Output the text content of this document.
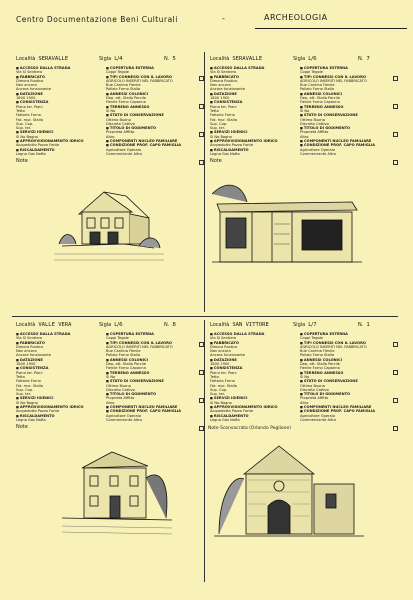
Centro Documentazione Beni Culturali	-	ARCHEOLOGIA
Località SERAVALLE	Sigla L/4	N. 5
■ ACCESSO DALLA STRADA
Via Si Sentiero
■ FABBRICATO
Dimora Rustico
Non ancora
Ancora funzionante
■ DATAZIONE
1800 1900
■ CONSISTENZA
Piano ter. Piani
Tetto
Fattoria Forno
Fat. mur. Stalla
Sup. Cop.
Sup. ter.
■ SERVIZI IGIENICI
Si No Bagno
■ APPROVVIGIONAMENTO IDRICO
Acquedotto Pozzo Fonte
■ RISCALDAMENTO
Legna Gas Nafta
■ COPERTURA ESTERNA
Coppi Tegole
■ TIPI CONNESSI CON IL LAVORO
AGRICOLO INSERITI NEL FABBRICATO
Bue Cantina Fienile
Pollaio Forno Stalla
■ ANNESSI COLONICI
Dep. att. Stalla Porcile
Fienile Forno Capanna
■ TERRENO ANNESSO
Si No
■ STATO DI CONSERVAZIONE
Ottimo Buono
Discreto Cattivo
■ TITOLO DI GODIMENTO
Proprietà Affitto
Altro
■ COMPONENTI NUCLEO FAMILIARE
■ CONDIZIONE PROF. CAPO FAMIGLIA
Agricoltore Operaio
Commerciante Altro
Note
Località SERAVALLE	Sigla L/6	N. 7
■ ACCESSO DALLA STRADA
Via Si Sentiero
■ FABBRICATO
Dimora Rustico
Non ancora
Ancora funzionante
■ DATAZIONE
1800 1900
■ CONSISTENZA
Piano ter. Piani
Tetto
Fattoria Forno
Fat. mur. Stalla
Sup. Cop.
Sup. ter.
■ SERVIZI IGIENICI
Si No Bagno
■ APPROVVIGIONAMENTO IDRICO
Acquedotto Pozzo Fonte
■ RISCALDAMENTO
Legna Gas Nafta
■ COPERTURA ESTERNA
Coppi Tegole
■ TIPI CONNESSI CON IL LAVORO
AGRICOLO INSERITI NEL FABBRICATO
Bue Cantina Fienile
Pollaio Forno Stalla
■ ANNESSI COLONICI
Dep. att. Stalla Porcile
Fienile Forno Capanna
■ TERRENO ANNESSO
Si No
■ STATO DI CONSERVAZIONE
Ottimo Buono
Discreto Cattivo
■ TITOLO DI GODIMENTO
Proprietà Affitto
Altro
■ COMPONENTI NUCLEO FAMILIARE
■ CONDIZIONE PROF. CAPO FAMIGLIA
Agricoltore Operaio
Commerciante Altro
Note
Località VALLE VERA	Sigla L/6	N. 8
■ ACCESSO DALLA STRADA
Via Si Sentiero
■ FABBRICATO
Dimora Rustico
Non ancora
Ancora funzionante
■ DATAZIONE
1800 1900
■ CONSISTENZA
Piano ter. Piani
Tetto
Fattoria Forno
Fat. mur. Stalla
Sup. Cop.
Sup. ter.
■ SERVIZI IGIENICI
Si No Bagno
■ APPROVVIGIONAMENTO IDRICO
Acquedotto Pozzo Fonte
■ RISCALDAMENTO
Legna Gas Nafta
■ COPERTURA ESTERNA
Coppi Tegole
■ TIPI CONNESSI CON IL LAVORO
AGRICOLO INSERITI NEL FABBRICATO
Bue Cantina Fienile
Pollaio Forno Stalla
■ ANNESSI COLONICI
Dep. att. Stalla Porcile
Fienile Forno Capanna
■ TERRENO ANNESSO
Si No
■ STATO DI CONSERVAZIONE
Ottimo Buono
Discreto Cattivo
■ TITOLO DI GODIMENTO
Proprietà Affitto
Altro
■ COMPONENTI NUCLEO FAMILIARE
■ CONDIZIONE PROF. CAPO FAMIGLIA
Agricoltore Operaio
Commerciante Altro
Note
Località SAN VITTORE	Sigla L/7	N. 1
■ ACCESSO DALLA STRADA
Via Si Sentiero
■ FABBRICATO
Dimora Rustico
Non ancora
Ancora funzionante
■ DATAZIONE
1800 1900
■ CONSISTENZA
Piano ter. Piani
Tetto
Fattoria Forno
Fat. mur. Stalla
Sup. Cop.
Sup. ter.
■ SERVIZI IGIENICI
Si No Bagno
■ APPROVVIGIONAMENTO IDRICO
Acquedotto Pozzo Fonte
■ RISCALDAMENTO
Legna Gas Nafta
■ COPERTURA ESTERNA
Coppi Tegole
■ TIPI CONNESSI CON IL LAVORO
AGRICOLO INSERITI NEL FABBRICATO
Bue Cantina Fienile
Pollaio Forno Stalla
■ ANNESSI COLONICI
Dep. att. Stalla Porcile
Fienile Forno Capanna
■ TERRENO ANNESSO
Si No
■ STATO DI CONSERVAZIONE
Ottimo Buono
Discreto Cattivo
■ TITOLO DI GODIMENTO
Proprietà Affitto
Altro
■ COMPONENTI NUCLEO FAMILIARE
■ CONDIZIONE PROF. CAPO FAMIGLIA
Agricoltore Operaio
Commerciante Altro
Note Sconsacrata (Orlando Peglione)
